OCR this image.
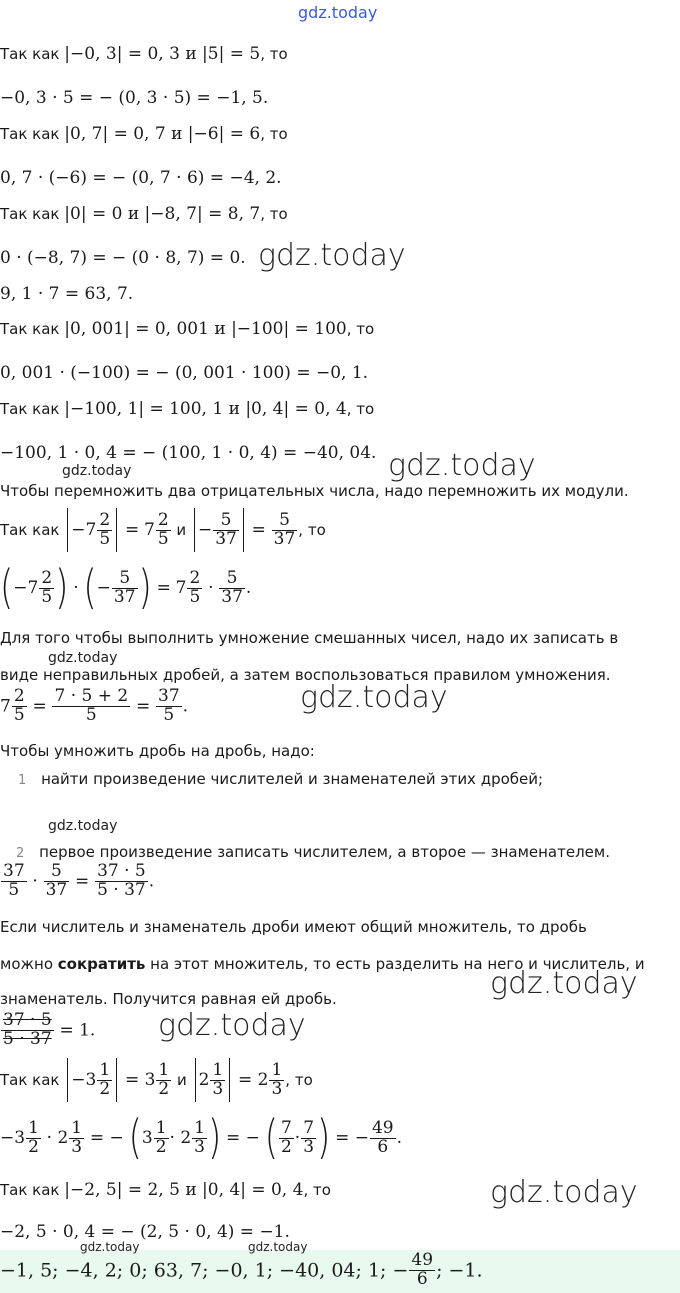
gdz.today
Так как |−0, 3| = 0, 3 и |5| = 5, то
−0, 3 · 5 = − (0, 3 · 5) = −1, 5.
Так как |0, 7| = 0, 7 и |−6| = 6, то
0, 7 · (−6) = − (0, 7 · 6) = −4, 2.
Так как |0| = 0 и |−8, 7| = 8, 7, то
0 · (−8, 7) = − (0 · 8, 7) = 0. gdz.today
9, 1 · 7 = 63, 7.
Так как |0, 001| = 0, 001 и |−100| = 100, то
0, 001 · (−100) = − (0, 001 · 100) = −0, 1.
Так как |−100, 1| = 100, 1 и |0, 4| = 0, 4, то
−100, 1 · 0, 4 = − (100, 1 · 0, 4) = −40, 04.
gdz.today	gdz.today
Чтобы перемножить два отрицательных числа, надо перемножить их модули.
Так как $-7 \frac{2}{5} = 7 \frac{2}{5}$ $и - \frac{5}{37} = \frac{5}{37}$ , то
($-7 \frac{2}{5}$ ) · (− $\frac{5}{37}$ ) = $7 \frac{2}{5} \cdot \frac{5}{37}$ .
Для того чтобы выполнить умножение смешанных чисел, надо их записать в
gdz.today
виде неправильных дробей, а затем воспользоваться правилом умножения.
$7 \frac{2}{5} = \frac{7 \cdot 5 + 2}{5} = \frac{37}{5}$ .	gdz.today
Чтобы умножить дробь на дробь, надо:
1 найти произведение числителей и знаменателей этих дробей;
gdz.today
2 первое произведение записать числителем, а второе — знаменателем.
$\frac{37}{5} \cdot \frac{5}{37} = \frac{37 \cdot 5}{5 \cdot 37}$ .
Если числитель и знаменатель дроби имеют общий множитель, то дробь
можно сократить на этот множитель, то есть разделить на него и числитель, и
знаменатель. Получится равная ей дробь.	gdz.today
$\frac{37 \cdot 5}{5 \cdot 37} = 1$. gdz.today
Так как $-3 \frac{1}{2} = 3 \frac{1}{2}$ и $2 \frac{1}{3} = 2 \frac{1}{3}$ , то
$-3 \frac{1}{2} \cdot 2 \frac{1}{3}$ = − ($3 \frac{1}{2} \cdot 2 \frac{1}{3}$ ) = − ( $\frac{7}{2} \cdot \frac{7}{3}$ ) = − $\frac{49}{6}$ .
Так как |−2, 5| = 2, 5 и |0, 4| = 0, 4, то	gdz.today
−2, 5 · 0, 4 = − (2, 5 · 0, 4) = −1.
gdz.today	gdz.today
−1, 5; −4, 2; 0; 63, 7; −0, 1; −40, 04; 1; − $\frac{49}{6}$ ; −1.
